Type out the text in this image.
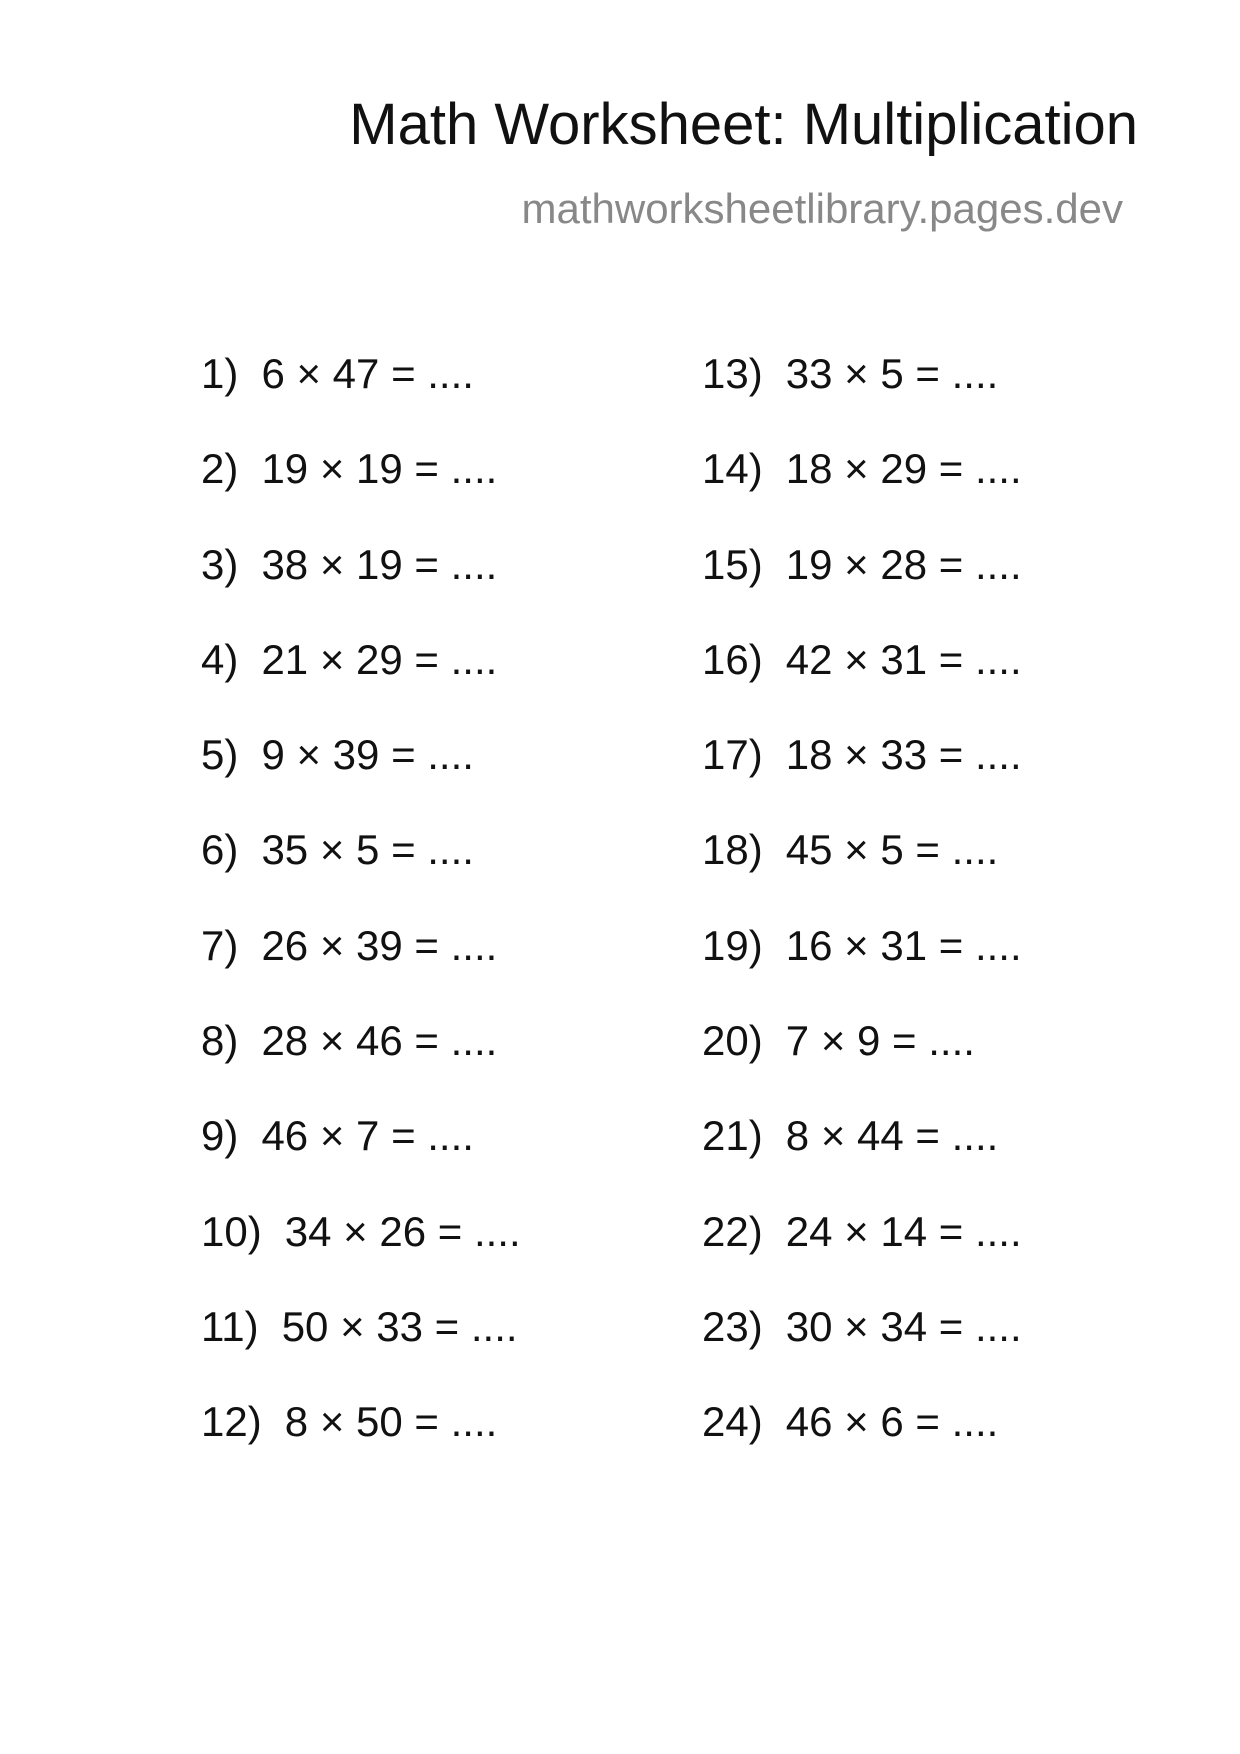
Math Worksheet: Multiplication
mathworksheetlibrary.pages.dev
1) 6 × 47 = ....
2) 19 × 19 = ....
3) 38 × 19 = ....
4) 21 × 29 = ....
5) 9 × 39 = ....
6) 35 × 5 = ....
7) 26 × 39 = ....
8) 28 × 46 = ....
9) 46 × 7 = ....
10) 34 × 26 = ....
11) 50 × 33 = ....
12) 8 × 50 = ....
13) 33 × 5 = ....
14) 18 × 29 = ....
15) 19 × 28 = ....
16) 42 × 31 = ....
17) 18 × 33 = ....
18) 45 × 5 = ....
19) 16 × 31 = ....
20) 7 × 9 = ....
21) 8 × 44 = ....
22) 24 × 14 = ....
23) 30 × 34 = ....
24) 46 × 6 = ....
